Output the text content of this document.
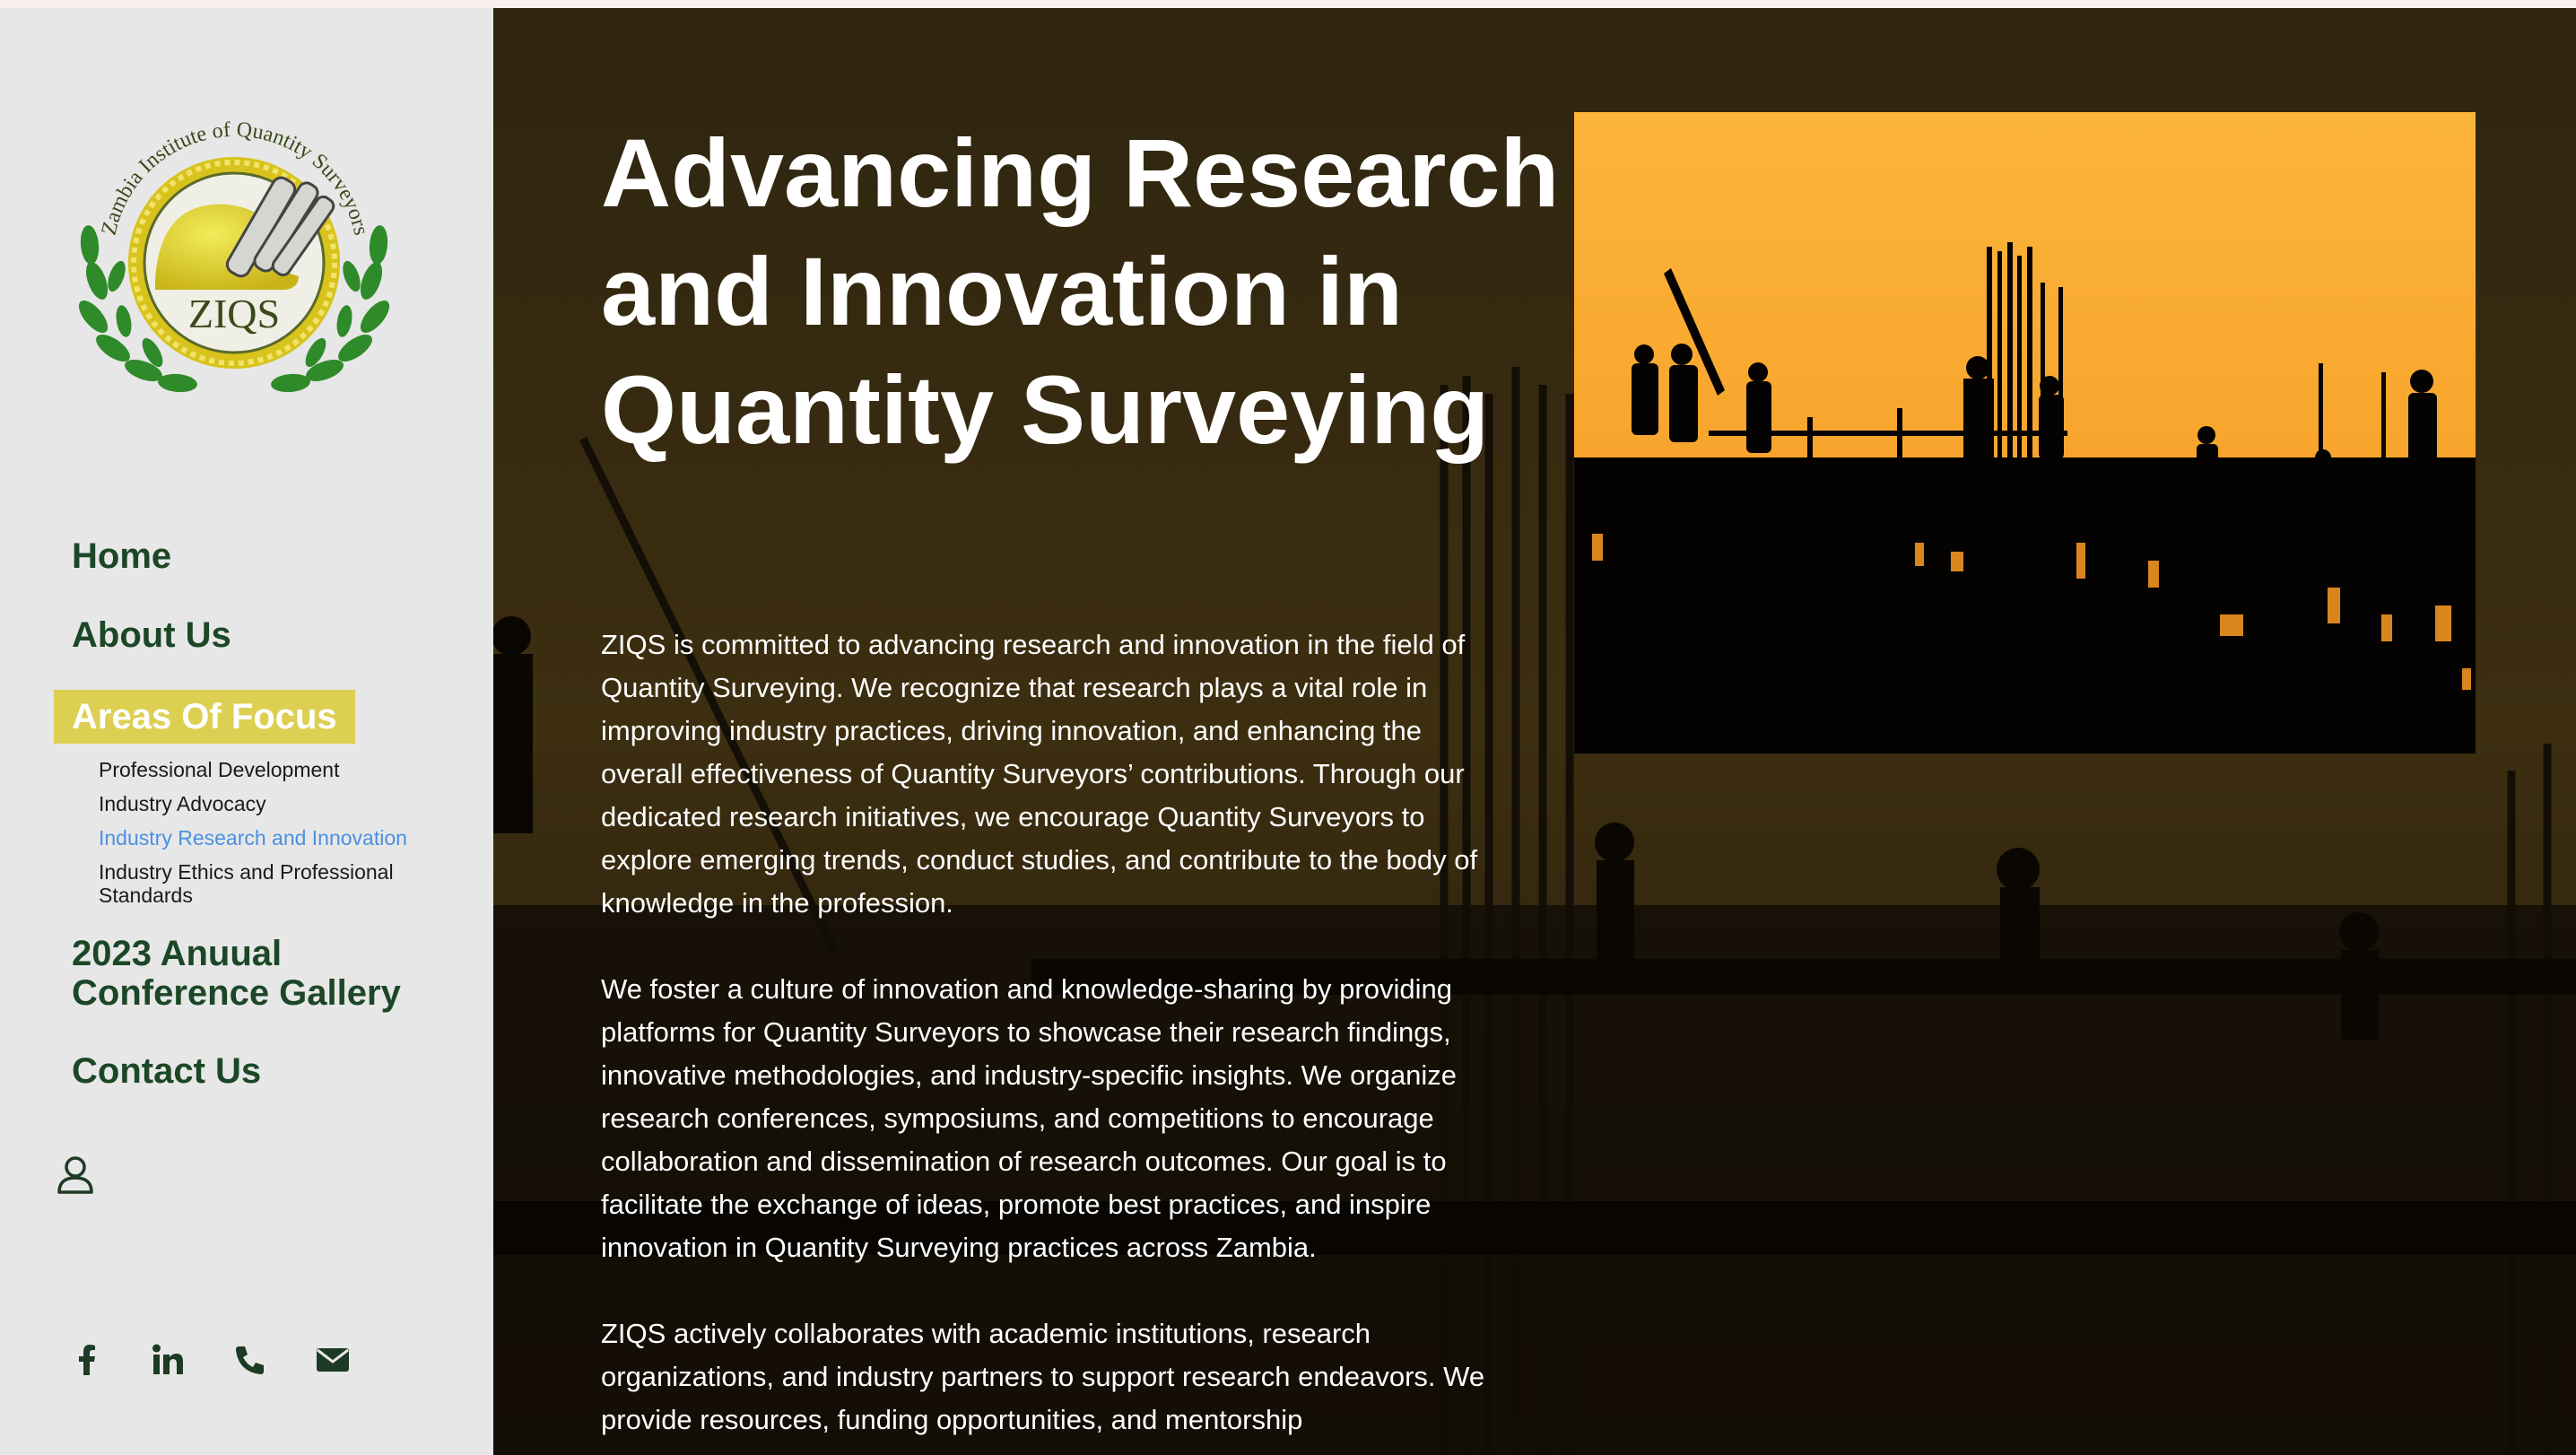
ZIQS
Zambia Institute of Quantity Surveyors
Home
About Us
Areas Of Focus
Professional Development
Industry Advocacy
Industry Research and Innovation
Industry Ethics and Professional Standards
2023 Anuual Conference Gallery
Contact Us
Advancing Research and Innovation in Quantity Surveying

ZIQS is committed to advancing research and innovation in the field of Quantity Surveying. We recognize that research plays a vital role in improving industry practices, driving innovation, and enhancing the overall effectiveness of Quantity Surveyors’ contributions. Through our dedicated research initiatives, we encourage Quantity Surveyors to explore emerging trends, conduct studies, and contribute to the body of knowledge in the profession.

We foster a culture of innovation and knowledge-sharing by providing platforms for Quantity Surveyors to showcase their research findings, innovative methodologies, and industry-specific insights. We organize research conferences, symposiums, and competitions to encourage collaboration and dissemination of research outcomes. Our goal is to facilitate the exchange of ideas, promote best practices, and inspire innovation in Quantity Surveying practices across Zambia.

ZIQS actively collaborates with academic institutions, research organizations, and industry partners to support research endeavors. We provide resources, funding opportunities, and mentorship
